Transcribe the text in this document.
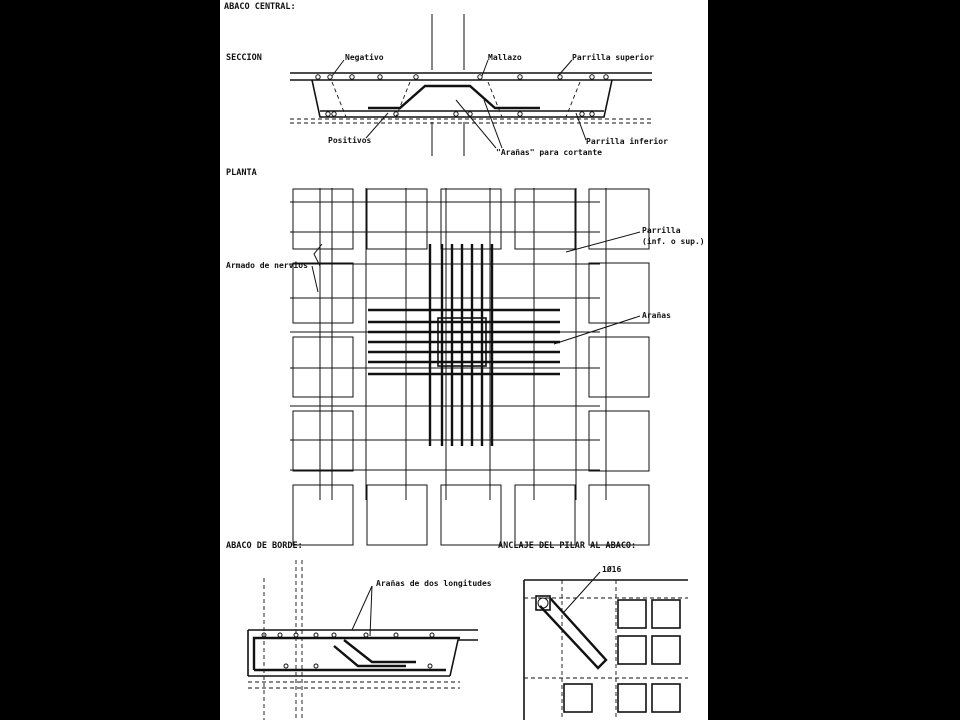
ABACO CENTRAL:
SECCION	Negativo	Mallazo	Parrilla superior
Positivos
"Arañas" para cortante
Parrilla inferior
PLANTA
Armado de nervios
Parrilla
(inf. o sup.)
Arañas
ABACO DE BORDE:
Arañas de dos longitudes
ANCLAJE DEL PILAR AL ABACO:
1Ø16
